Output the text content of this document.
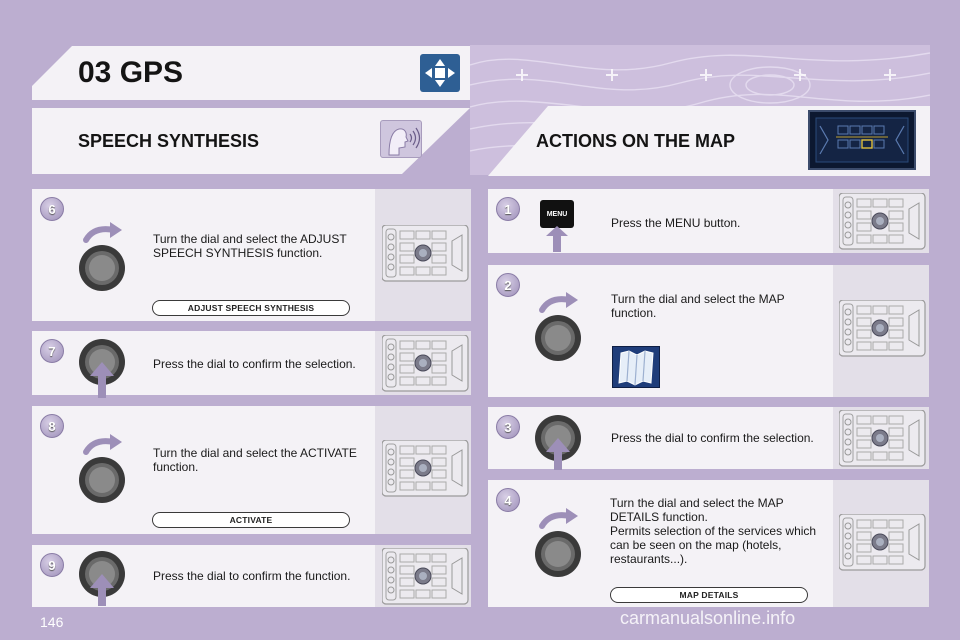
03 GPS
SPEECH SYNTHESIS	ACTIONS ON THE MAP
6
Turn the dial and select the ADJUST SPEECH SYNTHESIS function.
ADJUST SPEECH SYNTHESIS
7
Press the dial to confirm the selection.
8
Turn the dial and select the ACTIVATE function.
ACTIVATE
9
Press the dial to confirm the function.
1	MENU
Press the MENU button.
2
Turn the dial and select the MAP function.
3
Press the dial to confirm the selection.
4	Turn the dial and select the MAP DETAILS function.
Permits selection of the services which can be seen on the map (hotels, restaurants...).
MAP DETAILS
146	carmanualsonline.info
